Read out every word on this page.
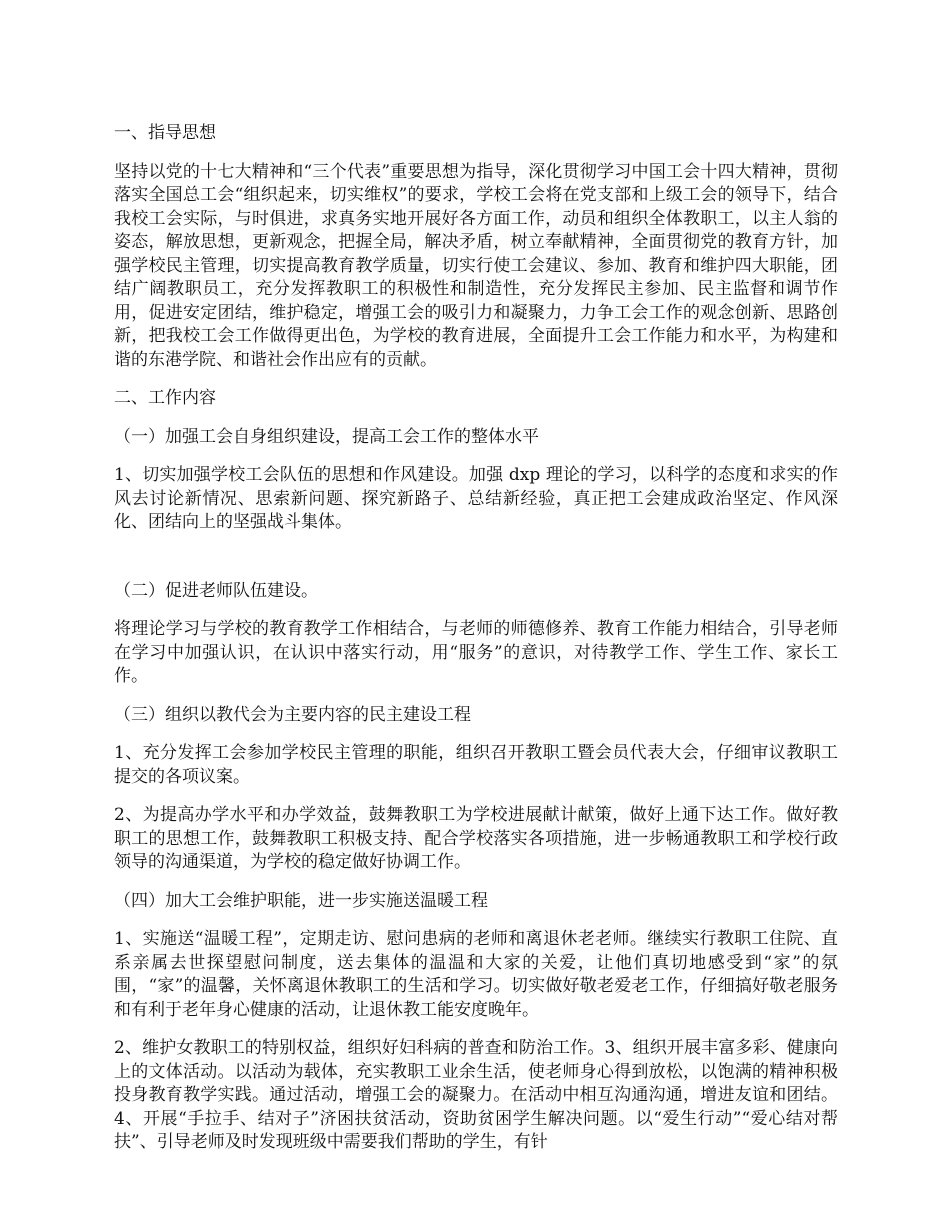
一、指导思想
坚持以党的十七大精神和“三个代表”重要思想为指导，深化贯彻学习中国工会十四大精神，贯彻落实全国总工会“组织起来，切实维权”的要求，学校工会将在党支部和上级工会的领导下，结合我校工会实际，与时俱进，求真务实地开展好各方面工作，动员和组织全体教职工，以主人翁的姿态，解放思想，更新观念，把握全局，解决矛盾，树立奉献精神，全面贯彻党的教育方针，加强学校民主管理，切实提高教育教学质量，切实行使工会建议、参加、教育和维护四大职能，团结广阔教职员工，充分发挥教职工的积极性和制造性，充分发挥民主参加、民主监督和调节作用，促进安定团结，维护稳定，增强工会的吸引力和凝聚力，力争工会工作的观念创新、思路创新，把我校工会工作做得更出色，为学校的教育进展，全面提升工会工作能力和水平，为构建和谐的东港学院、和谐社会作出应有的贡献。
二、工作内容
（一）加强工会自身组织建设，提高工会工作的整体水平
1、切实加强学校工会队伍的思想和作风建设。加强 dxp 理论的学习，以科学的态度和求实的作风去讨论新情况、思索新问题、探究新路子、总结新经验，真正把工会建成政治坚定、作风深化、团结向上的坚强战斗集体。
（二）促进老师队伍建设。
将理论学习与学校的教育教学工作相结合，与老师的师德修养、教育工作能力相结合，引导老师在学习中加强认识，在认识中落实行动，用“服务”的意识，对待教学工作、学生工作、家长工作。
（三）组织以教代会为主要内容的民主建设工程
1、充分发挥工会参加学校民主管理的职能，组织召开教职工暨会员代表大会，仔细审议教职工提交的各项议案。
2、为提高办学水平和办学效益，鼓舞教职工为学校进展献计献策，做好上通下达工作。做好教职工的思想工作，鼓舞教职工积极支持、配合学校落实各项措施，进一步畅通教职工和学校行政领导的沟通渠道，为学校的稳定做好协调工作。
（四）加大工会维护职能，进一步实施送温暖工程
1、实施送“温暖工程”，定期走访、慰问患病的老师和离退休老老师。继续实行教职工住院、直系亲属去世探望慰问制度，送去集体的温温和大家的关爱，让他们真切地感受到“家”的氛围，“家”的温馨，关怀离退休教职工的生活和学习。切实做好敬老爱老工作，仔细搞好敬老服务和有利于老年身心健康的活动，让退休教工能安度晚年。
2、维护女教职工的特别权益，组织好妇科病的普查和防治工作。3、组织开展丰富多彩、健康向上的文体活动。以活动为载体，充实教职工业余生活，使老师身心得到放松，以饱满的精神积极投身教育教学实践。通过活动，增强工会的凝聚力。在活动中相互沟通沟通，增进友谊和团结。4、开展“手拉手、结对子”济困扶贫活动，资助贫困学生解决问题。以“爱生行动”“爱心结对帮扶”、引导老师及时发现班级中需要我们帮助的学生，有针
